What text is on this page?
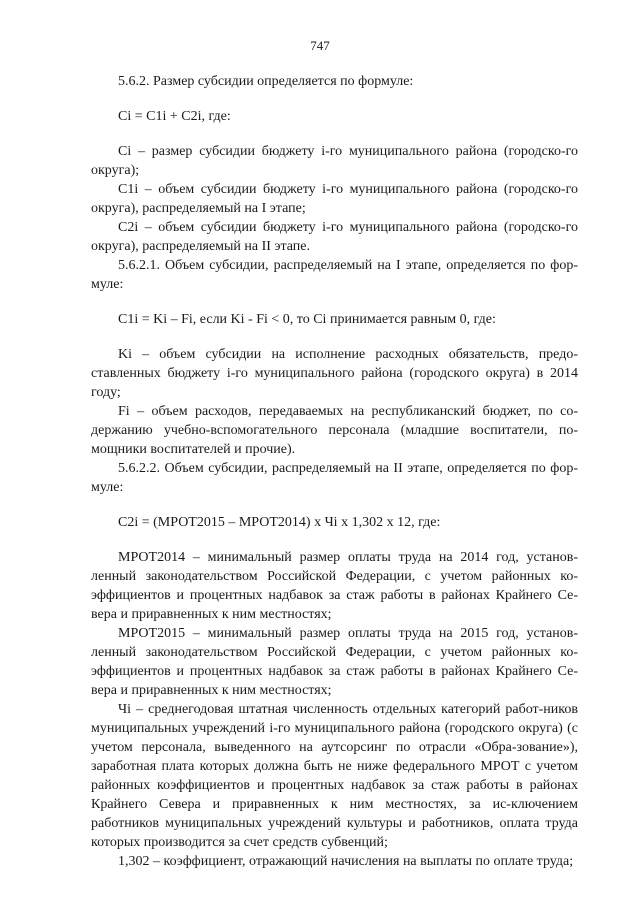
747

5.6.2. Размер субсидии определяется по формуле:

Ci = C1i + C2i, где:

Ci – размер субсидии бюджету i-го муниципального района (городско-го округа);

C1i – объем субсидии бюджету i-го муниципального района (городско-го округа), распределяемый на I этапе;

C2i – объем субсидии бюджету i-го муниципального района (городско-го округа), распределяемый на II этапе.

5.6.2.1. Объем субсидии, распределяемый на I этапе, определяется по фор-муле:

C1i = Ki – Fi, если Ki - Fi < 0, то Ci принимается равным 0, где:

Ki – объем субсидии на исполнение расходных обязательств, предо-ставленных бюджету i-го муниципального района (городского округа) в 2014 году;

Fi – объем расходов, передаваемых на республиканский бюджет, по со-держанию учебно-вспомогательного персонала (младшие воспитатели, по-мощники воспитателей и прочие).

5.6.2.2. Объем субсидии, распределяемый на II этапе, определяется по фор-муле:

C2i = (МРОТ2015 – МРОТ2014) х Чi х 1,302 х 12, где:

МРОТ2014 – минимальный размер оплаты труда на 2014 год, установ-ленный законодательством Российской Федерации, с учетом районных ко-эффициентов и процентных надбавок за стаж работы в районах Крайнего Се-вера и приравненных к ним местностях;

МРОТ2015 – минимальный размер оплаты труда на 2015 год, установ-ленный законодательством Российской Федерации, с учетом районных ко-эффициентов и процентных надбавок за стаж работы в районах Крайнего Се-вера и приравненных к ним местностях;

Чi – среднегодовая штатная численность отдельных категорий работ-ников муниципальных учреждений i-го муниципального района (городского округа) (с учетом персонала, выведенного на аутсорсинг по отрасли «Обра-зование»), заработная плата которых должна быть не ниже федерального МРОТ с учетом районных коэффициентов и процентных надбавок за стаж работы в районах Крайнего Севера и приравненных к ним местностях, за ис-ключением работников муниципальных учреждений культуры и работников, оплата труда которых производится за счет средств субвенций;

1,302 – коэффициент, отражающий начисления на выплаты по оплате труда;
